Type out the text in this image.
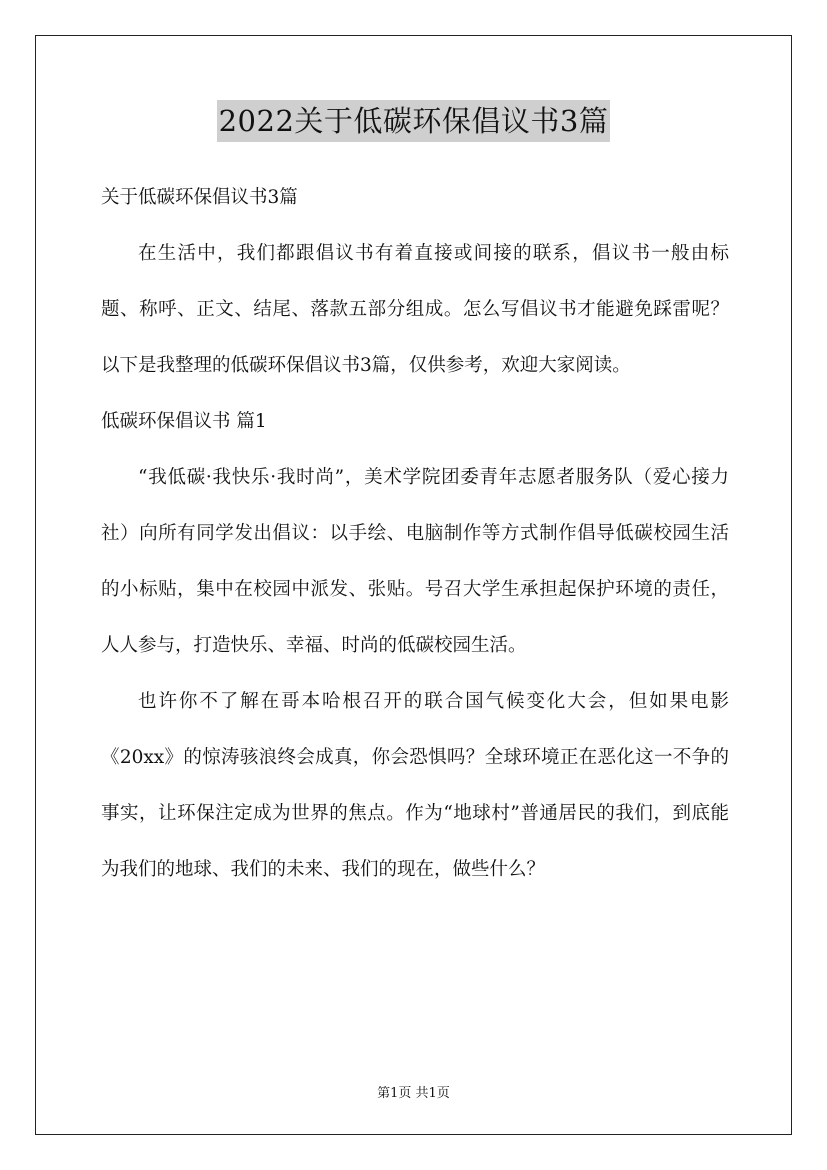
2022关于低碳环保倡议书3篇

关于低碳环保倡议书3篇

在生活中，我们都跟倡议书有着直接或间接的联系，倡议书一般由标题、称呼、正文、结尾、落款五部分组成。怎么写倡议书才能避免踩雷呢？以下是我整理的低碳环保倡议书3篇，仅供参考，欢迎大家阅读。

低碳环保倡议书 篇1

“我低碳·我快乐·我时尚”，美术学院团委青年志愿者服务队（爱心接力社）向所有同学发出倡议：以手绘、电脑制作等方式制作倡导低碳校园生活的小标贴，集中在校园中派发、张贴。号召大学生承担起保护环境的责任，人人参与，打造快乐、幸福、时尚的低碳校园生活。

也许你不了解在哥本哈根召开的联合国气候变化大会，但如果电影《20xx》的惊涛骇浪终会成真，你会恐惧吗？全球环境正在恶化这一不争的事实，让环保注定成为世界的焦点。作为“地球村”普通居民的我们，到底能为我们的地球、我们的未来、我们的现在，做些什么？

第1页 共1页
